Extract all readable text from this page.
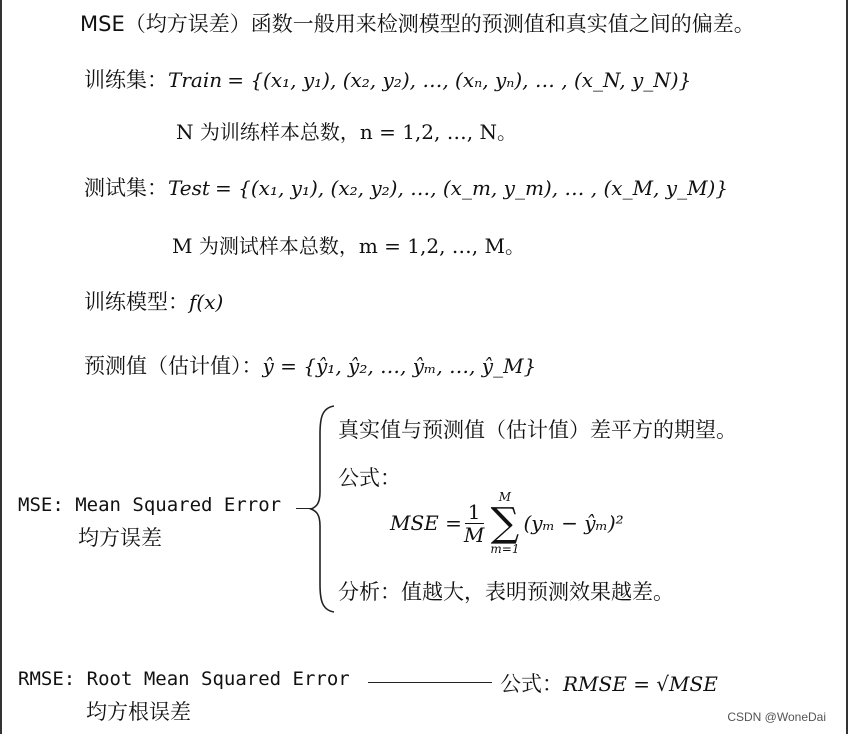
MSE（均方误差）函数一般用来检测模型的预测值和真实值之间的偏差。
训练集：Train = {(x₁, y₁), (x₂, y₂), …, (xₙ, yₙ), … , (x_N, y_N)}
N 为训练样本总数，n = 1,2, …, N。
测试集：Test = {(x₁, y₁), (x₂, y₂), …, (x_m, y_m), … , (x_M, y_M)}
M 为测试样本总数，m = 1,2, …, M。
训练模型：f(x)
预测值（估计值）：ŷ = {ŷ₁, ŷ₂, …, ŷₘ, …, ŷ_M}
MSE: Mean Squared Error
均方误差
真实值与预测值（估计值）差平方的期望。
公式：
MSE = $\frac{1}{M}$
M
∑
m=1
(yₘ − ŷₘ)²
分析：值越大，表明预测效果越差。
RMSE: Root Mean Squared Error
均方根误差
公式：RMSE = √MSE
CSDN @WoneDai
